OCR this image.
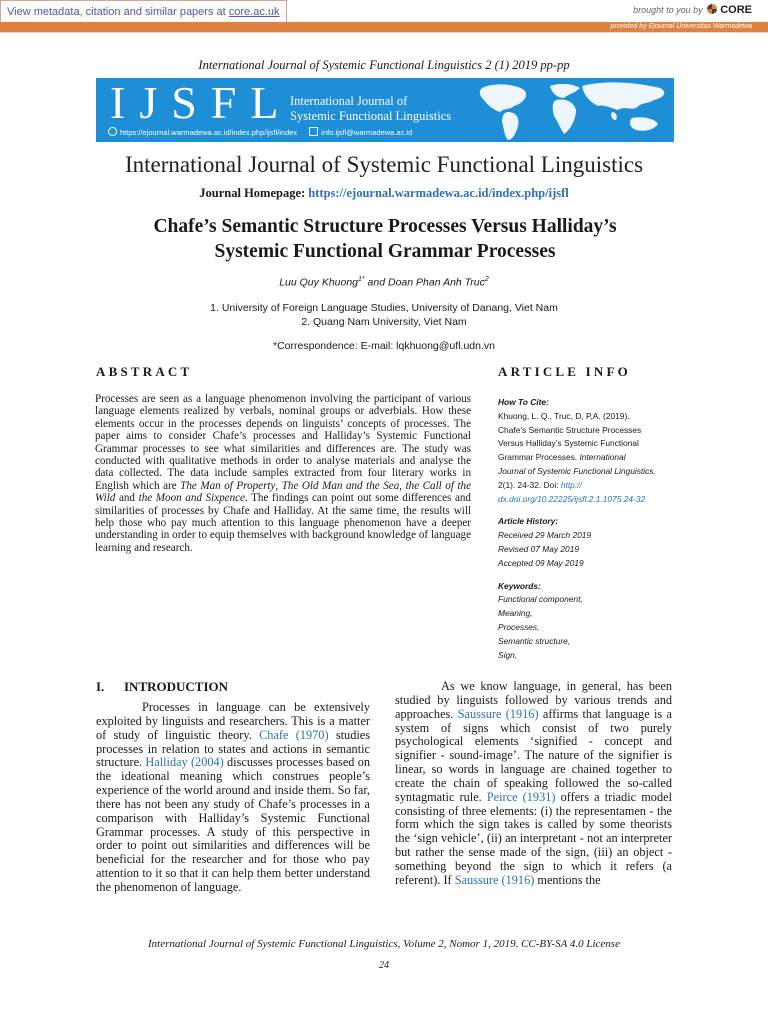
View metadata, citation and similar papers at core.ac.uk	brought to you by CORE
provided by Ejournal Universitas Warmadewa
International Journal of Systemic Functional Linguistics 2 (1) 2019 pp-pp
IJSFL
International Journal of
Systemic Functional Linguistics
https://ejournal.warmadewa.ac.id/index.php/ijsfl/index	info.ijsfl@warmadewa.ac.id
International Journal of Systemic Functional Linguistics
Journal Homepage: https://ejournal.warmadewa.ac.id/index.php/ijsfl
Chafe’s Semantic Structure Processes Versus Halliday’s
Systemic Functional Grammar Processes
Luu Quy Khuong$^{1*}$ and Doan Phan Anh Truc$^2$
1. University of Foreign Language Studies, University of Danang, Viet Nam
2. Quang Nam University, Viet Nam
*Correspondence: E-mail: lqkhuong@ufl.udn.vn
ABSTRACT
Processes are seen as a language phenomenon involving the participant of various language elements realized by verbals, nominal groups or adverbials. How these elements occur in the processes depends on linguists’ concepts of processes. The paper aims to consider Chafe’s processes and Halliday’s Systemic Functional Grammar processes to see what similarities and differences are. The study was conducted with qualitative methods in order to analyse materials and analyse the data collected. The data include samples extracted from four literary works in English which are The Man of Property, The Old Man and the Sea, the Call of the Wild and the Moon and Sixpence. The findings can point out some differences and similarities of processes by Chafe and Halliday. At the same time, the results will help those who pay much attention to this language phenomenon have a deeper understanding in order to equip themselves with background knowledge of language learning and research.
ARTICLE INFO
How To Cite:
Khuong, L. Q., Truc, D, P,A. (2019).
Chafe’s Semantic Structure Processes
Versus Halliday’s Systemic Functional
Grammar Processes. International
Journal of Systemic Functional Linguistics.
2(1). 24-32. Doi: http://
dx.doi.org/10.22225/ijsfl.2.1.1075.24-32
Article History:
Received 29 March 2019
Revised 07 May 2019
Accepted 09 May 2019
Keywords:
Functional component,
Meaning,
Processes,
Semantic structure,
Sign,
I. INTRODUCTION
Processes in language can be extensively exploited by linguists and researchers. This is a matter of study of linguistic theory. Chafe (1970) studies processes in relation to states and actions in semantic structure. Halliday (2004) discusses processes based on the ideational meaning which construes people’s experience of the world around and inside them. So far, there has not been any study of Chafe’s processes in a comparison with Halliday’s Systemic Functional Grammar processes. A study of this perspective in order to point out similarities and differences will be beneficial for the researcher and for those who pay attention to it so that it can help them better understand the phenomenon of language.
As we know language, in general, has been studied by linguists followed by various trends and approaches. Saussure (1916) affirms that language is a system of signs which consist of two purely psychological elements ‘signified - concept and signifier - sound-image’. The nature of the signifier is linear, so words in language are chained together to create the chain of speaking followed the so-called syntagmatic rule. Peirce (1931) offers a triadic model consisting of three elements: (i) the representamen - the form which the sign takes is called by some theorists the ‘sign vehicle’, (ii) an interpretant - not an interpreter but rather the sense made of the sign, (iii) an object - something beyond the sign to which it refers (a referent). If Saussure (1916) mentions the
International Journal of Systemic Functional Linguistics, Volume 2, Nomor 1, 2019. CC-BY-SA 4.0 License
24
